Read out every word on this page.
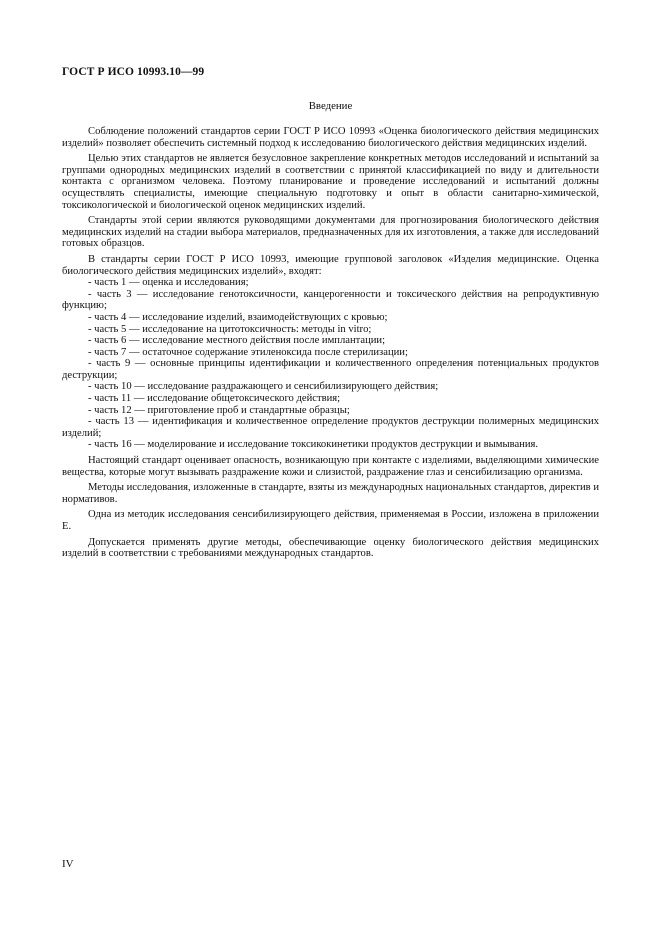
ГОСТ Р ИСО 10993.10—99
Введение

Соблюдение положений стандартов серии ГОСТ Р ИСО 10993 «Оценка биологического действия медицинских изделий» позволяет обеспечить системный подход к исследованию биологического действия медицинских изделий.

Целью этих стандартов не является безусловное закрепление конкретных методов исследований и испытаний за группами однородных медицинских изделий в соответствии с принятой классификацией по виду и длительности контакта с организмом человека. Поэтому планирование и проведение исследований и испытаний должны осуществлять специалисты, имеющие специальную подготовку и опыт в области санитарно-химической, токсикологической и биологической оценок медицинских изделий.

Стандарты этой серии являются руководящими документами для прогнозирования биологического действия медицинских изделий на стадии выбора материалов, предназначенных для их изготовления, а также для исследований готовых образцов.

В стандарты серии ГОСТ Р ИСО 10993, имеющие групповой заголовок «Изделия медицинские. Оценка биологического действия медицинских изделий», входят:

- часть 1 — оценка и исследования;
- часть 3 — исследование генотоксичности, канцерогенности и токсического действия на репродуктивную функцию;
- часть 4 — исследование изделий, взаимодействующих с кровью;
- часть 5 — исследование на цитотоксичность: методы in vitro;
- часть 6 — исследование местного действия после имплантации;
- часть 7 — остаточное содержание этиленоксида после стерилизации;
- часть 9 — основные принципы идентификации и количественного определения потенциальных продуктов деструкции;
- часть 10 — исследование раздражающего и сенсибилизирующего действия;
- часть 11 — исследование общетоксического действия;
- часть 12 — приготовление проб и стандартные образцы;
- часть 13 — идентификация и количественное определение продуктов деструкции полимерных медицинских изделий;
- часть 16 — моделирование и исследование токсикокинетики продуктов деструкции и вымывания.

Настоящий стандарт оценивает опасность, возникающую при контакте с изделиями, выделяющими химические вещества, которые могут вызывать раздражение кожи и слизистой, раздражение глаз и сенсибилизацию организма.

Методы исследования, изложенные в стандарте, взяты из международных национальных стандартов, директив и нормативов.

Одна из методик исследования сенсибилизирующего действия, применяемая в России, изложена в приложении Е.

Допускается применять другие методы, обеспечивающие оценку биологического действия медицинских изделий в соответствии с требованиями международных стандартов.

IV
